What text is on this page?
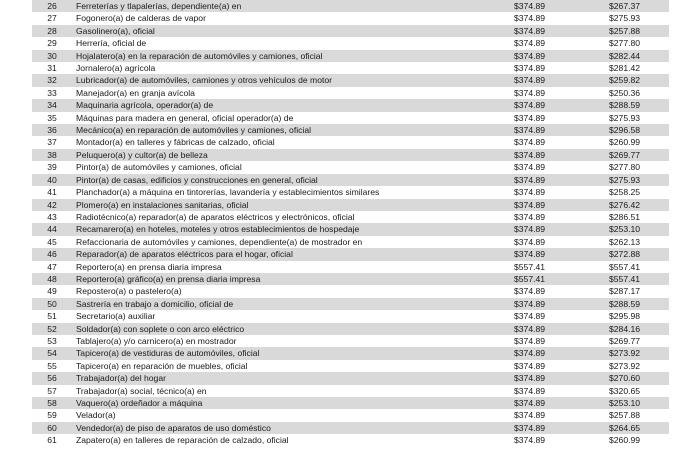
26	Ferreterías y tlapalerías, dependiente(a) en	$374.89	$267.37
27	Fogonero(a) de calderas de vapor	$374.89	$275.93
28	Gasolinero(a), oficial	$374.89	$257.88
29	Herrería, oficial de	$374.89	$277.80
30	Hojalatero(a) en la reparación de automóviles y camiones, oficial	$374.89	$282.44
31	Jornalero(a) agrícola	$374.89	$281.42
32	Lubricador(a) de automóviles, camiones y otros vehículos de motor	$374.89	$259.82
33	Manejador(a) en granja avícola	$374.89	$250.36
34	Maquinaria agrícola, operador(a) de	$374.89	$288.59
35	Máquinas para madera en general, oficial operador(a) de	$374.89	$275.93
36	Mecánico(a) en reparación de automóviles y camiones, oficial	$374.89	$296.58
37	Montador(a) en talleres y fábricas de calzado, oficial	$374.89	$260.99
38	Peluquero(a) y cultor(a) de belleza	$374.89	$269.77
39	Pintor(a) de automóviles y camiones, oficial	$374.89	$277.80
40	Pintor(a) de casas, edificios y construcciones en general, oficial	$374.89	$275.93
41	Planchador(a) a máquina en tintorerías, lavandería y establecimientos similares	$374.89	$258.25
42	Plomero(a) en instalaciones sanitarias, oficial	$374.89	$276.42
43	Radiotécnico(a) reparador(a) de aparatos eléctricos y electrónicos, oficial	$374.89	$286.51
44	Recamarero(a) en hoteles, moteles y otros establecimientos de hospedaje	$374.89	$253.10
45	Refaccionaria de automóviles y camiones, dependiente(a) de mostrador en	$374.89	$262.13
46	Reparador(a) de aparatos eléctricos para el hogar, oficial	$374.89	$272.88
47	Reportero(a) en prensa diaria impresa	$557.41	$557.41
48	Reportero(a) gráfico(a) en prensa diaria impresa	$557.41	$557.41
49	Repostero(a) o pastelero(a)	$374.89	$287.17
50	Sastrería en trabajo a domicilio, oficial de	$374.89	$288.59
51	Secretario(a) auxiliar	$374.89	$295.98
52	Soldador(a) con soplete o con arco eléctrico	$374.89	$284.16
53	Tablajero(a) y/o carnicero(a) en mostrador	$374.89	$269.77
54	Tapicero(a) de vestiduras de automóviles, oficial	$374.89	$273.92
55	Tapicero(a) en reparación de muebles, oficial	$374.89	$273.92
56	Trabajador(a) del hogar	$374.89	$270.60
57	Trabajador(a) social, técnico(a) en	$374.89	$320.65
58	Vaquero(a) ordeñador a máquina	$374.89	$253.10
59	Velador(a)	$374.89	$257.88
60	Vendedor(a) de piso de aparatos de uso doméstico	$374.89	$264.65
61	Zapatero(a) en talleres de reparación de calzado, oficial	$374.89	$260.99
